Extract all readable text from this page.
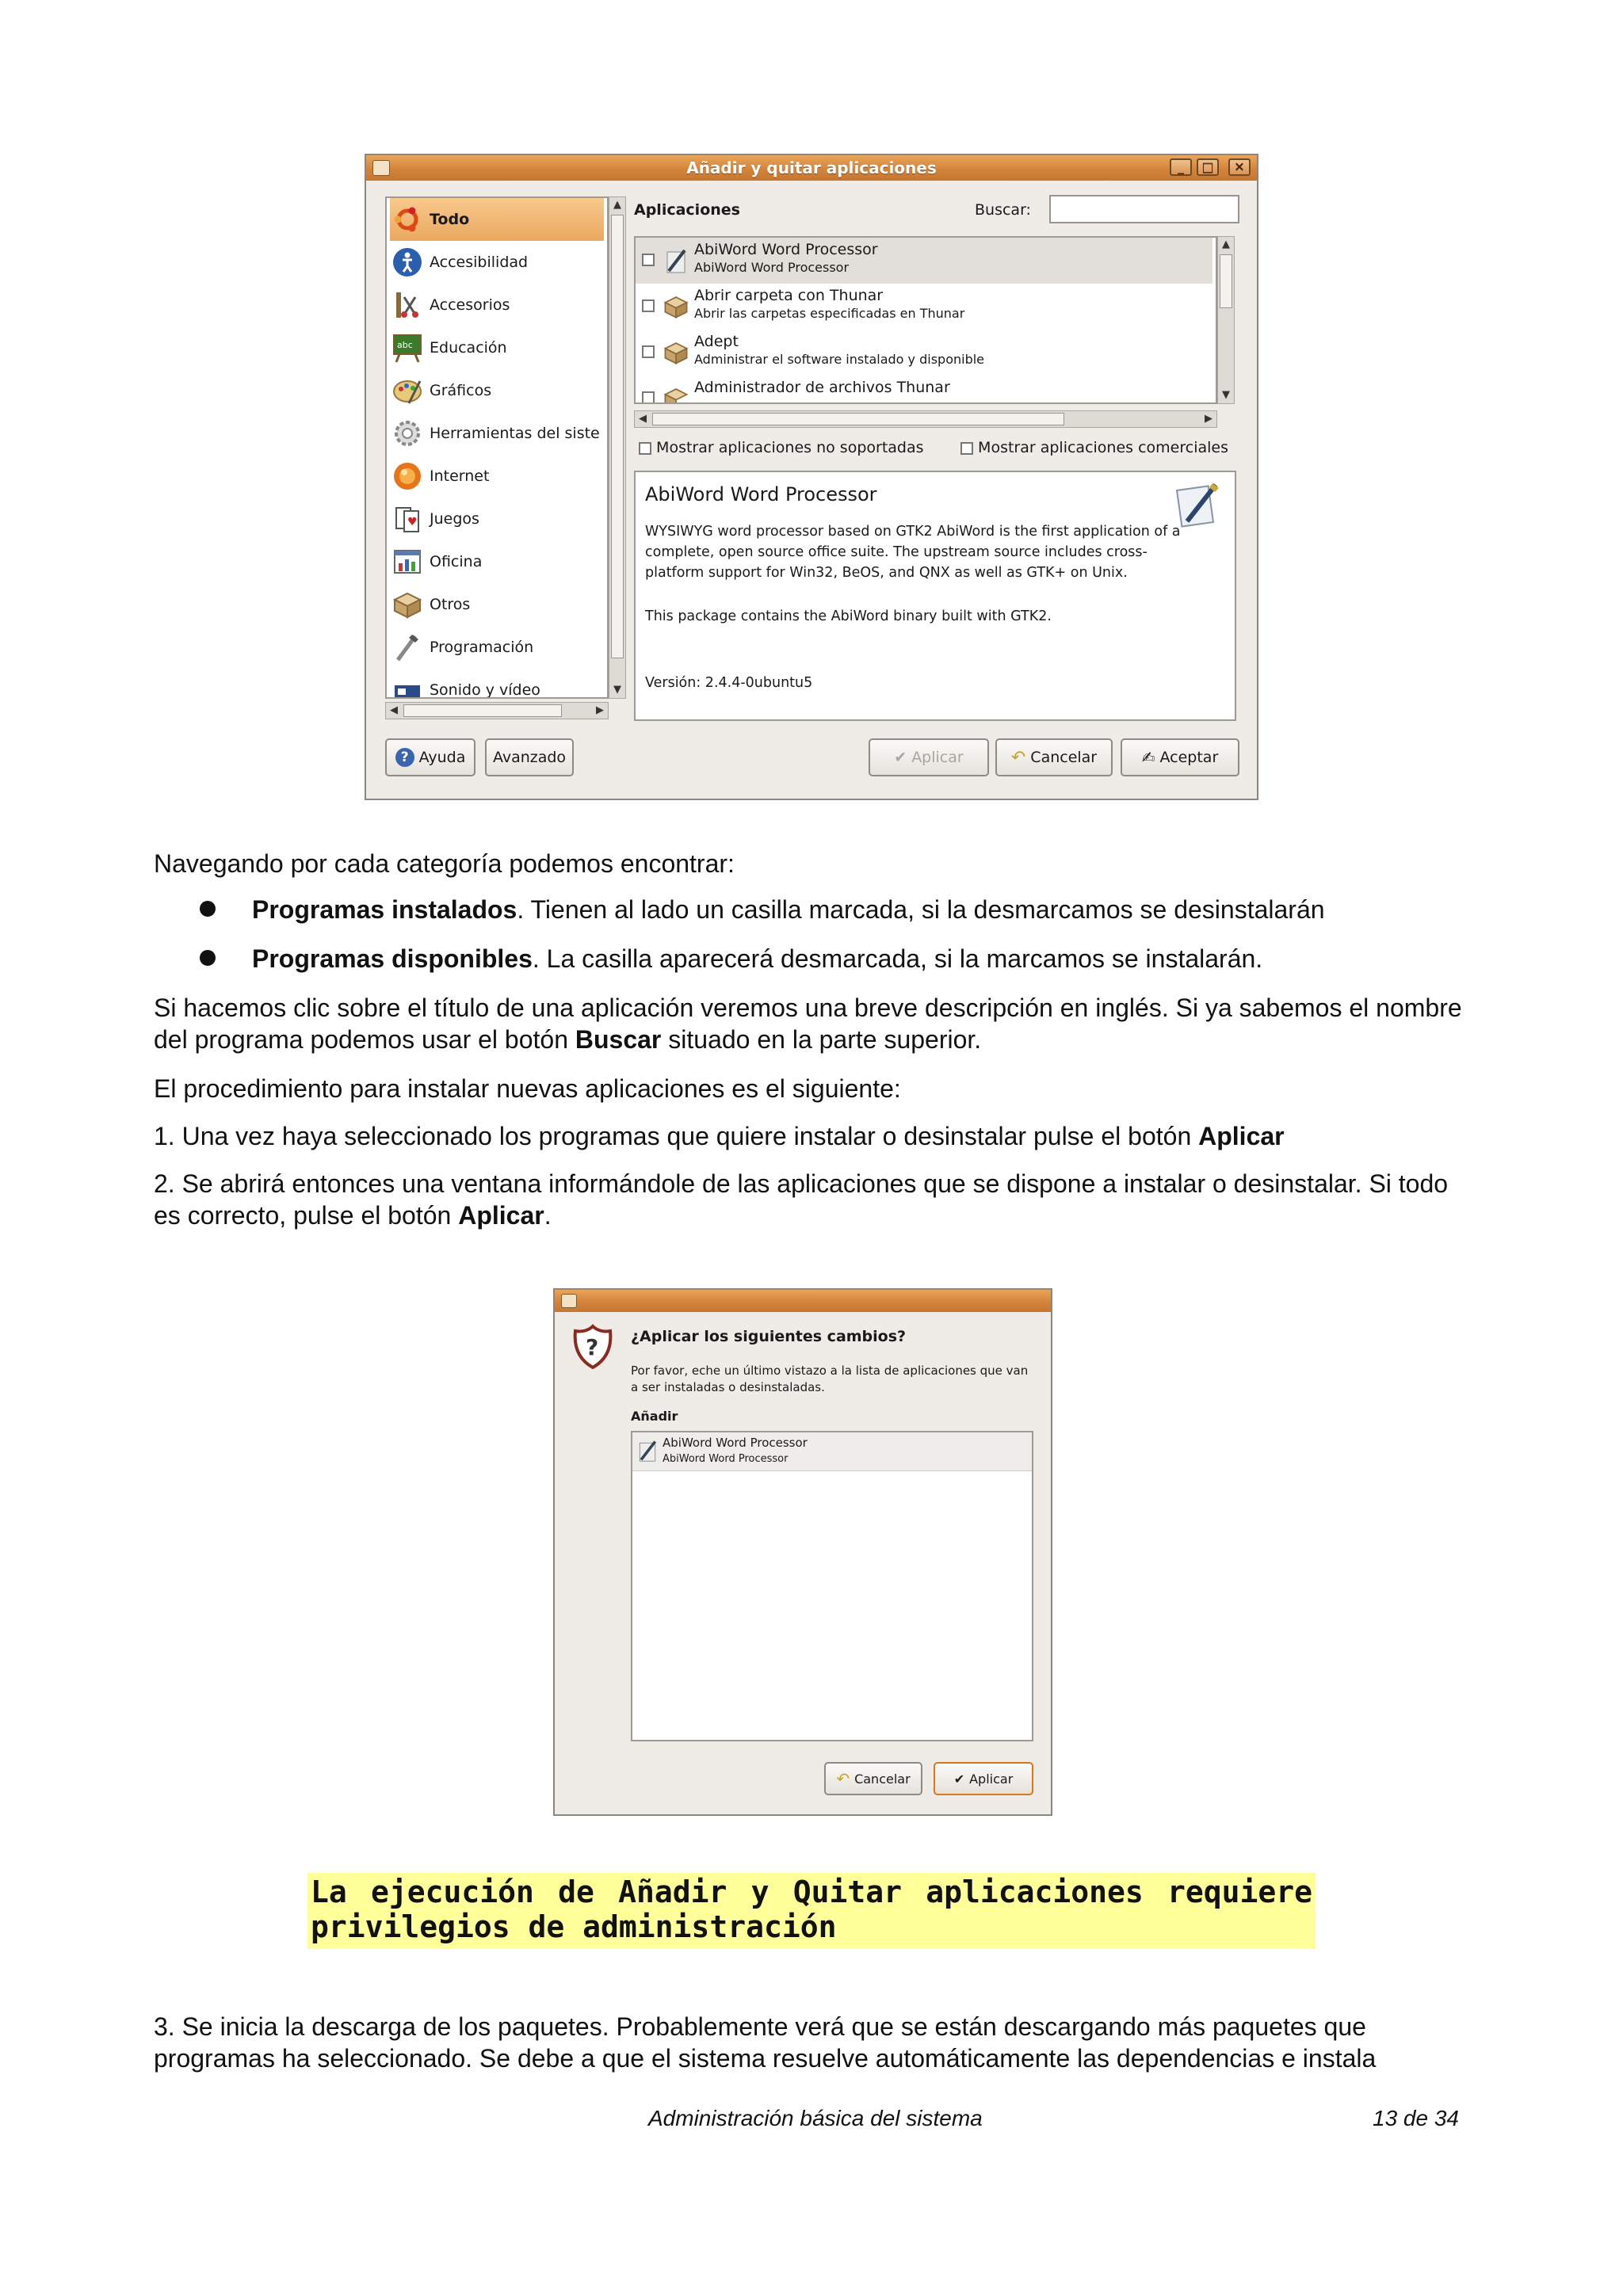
Añadir y quitar aplicaciones	_	□	✕
Todo
Accesibilidad
Accesorios
abc Educación
Gráficos
Herramientas del siste
Internet
♥ Juegos
Oficina
Otros
Programación
Sonido y vídeo
▲
▼
◀	▶
Aplicaciones	Buscar:
AbiWord Word Processor
AbiWord Word Processor
Abrir carpeta con Thunar
Abrir las carpetas especificadas en Thunar
Adept
Administrar el software instalado y disponible
Administrador de archivos Thunar
▲
▼
◀	▶
Mostrar aplicaciones no soportadas	Mostrar aplicaciones comerciales
AbiWord Word Processor
WYSIWYG word processor based on GTK2 AbiWord is the first application of a complete, open source office suite. The upstream source includes cross-platform support for Win32, BeOS, and QNX as well as GTK+ on Unix.
This package contains the AbiWord binary built with GTK2.
Versión: 2.4.4-0ubuntu5
? Ayuda Avanzado	✔ Aplicar	↶ Cancelar	✍ Aceptar
Navegando por cada categoría podemos encontrar:
Programas instalados. Tienen al lado un casilla marcada, si la desmarcamos se desinstalarán
Programas disponibles. La casilla aparecerá desmarcada, si la marcamos se instalarán.
Si hacemos clic sobre el título de una aplicación veremos una breve descripción en inglés. Si ya sabemos el nombre del programa podemos usar el botón Buscar situado en la parte superior.
El procedimiento para instalar nuevas aplicaciones es el siguiente:
1. Una vez haya seleccionado los programas que quiere instalar o desinstalar pulse el botón Aplicar
2. Se abrirá entonces una ventana informándole de las aplicaciones que se dispone a instalar o desinstalar. Si todo es correcto, pulse el botón Aplicar.
? ¿Aplicar los siguientes cambios?
Por favor, eche un último vistazo a la lista de aplicaciones que van a ser instaladas o desinstaladas.
Añadir
AbiWord Word Processor
AbiWord Word Processor
↶ Cancelar	✔ Aplicar
La ejecución de Añadir y Quitar aplicaciones requiere privilegios de administración
3. Se inicia la descarga de los paquetes. Probablemente verá que se están descargando más paquetes que programas ha seleccionado. Se debe a que el sistema resuelve automáticamente las dependencias e instala
Administración básica del sistema	13 de 34
